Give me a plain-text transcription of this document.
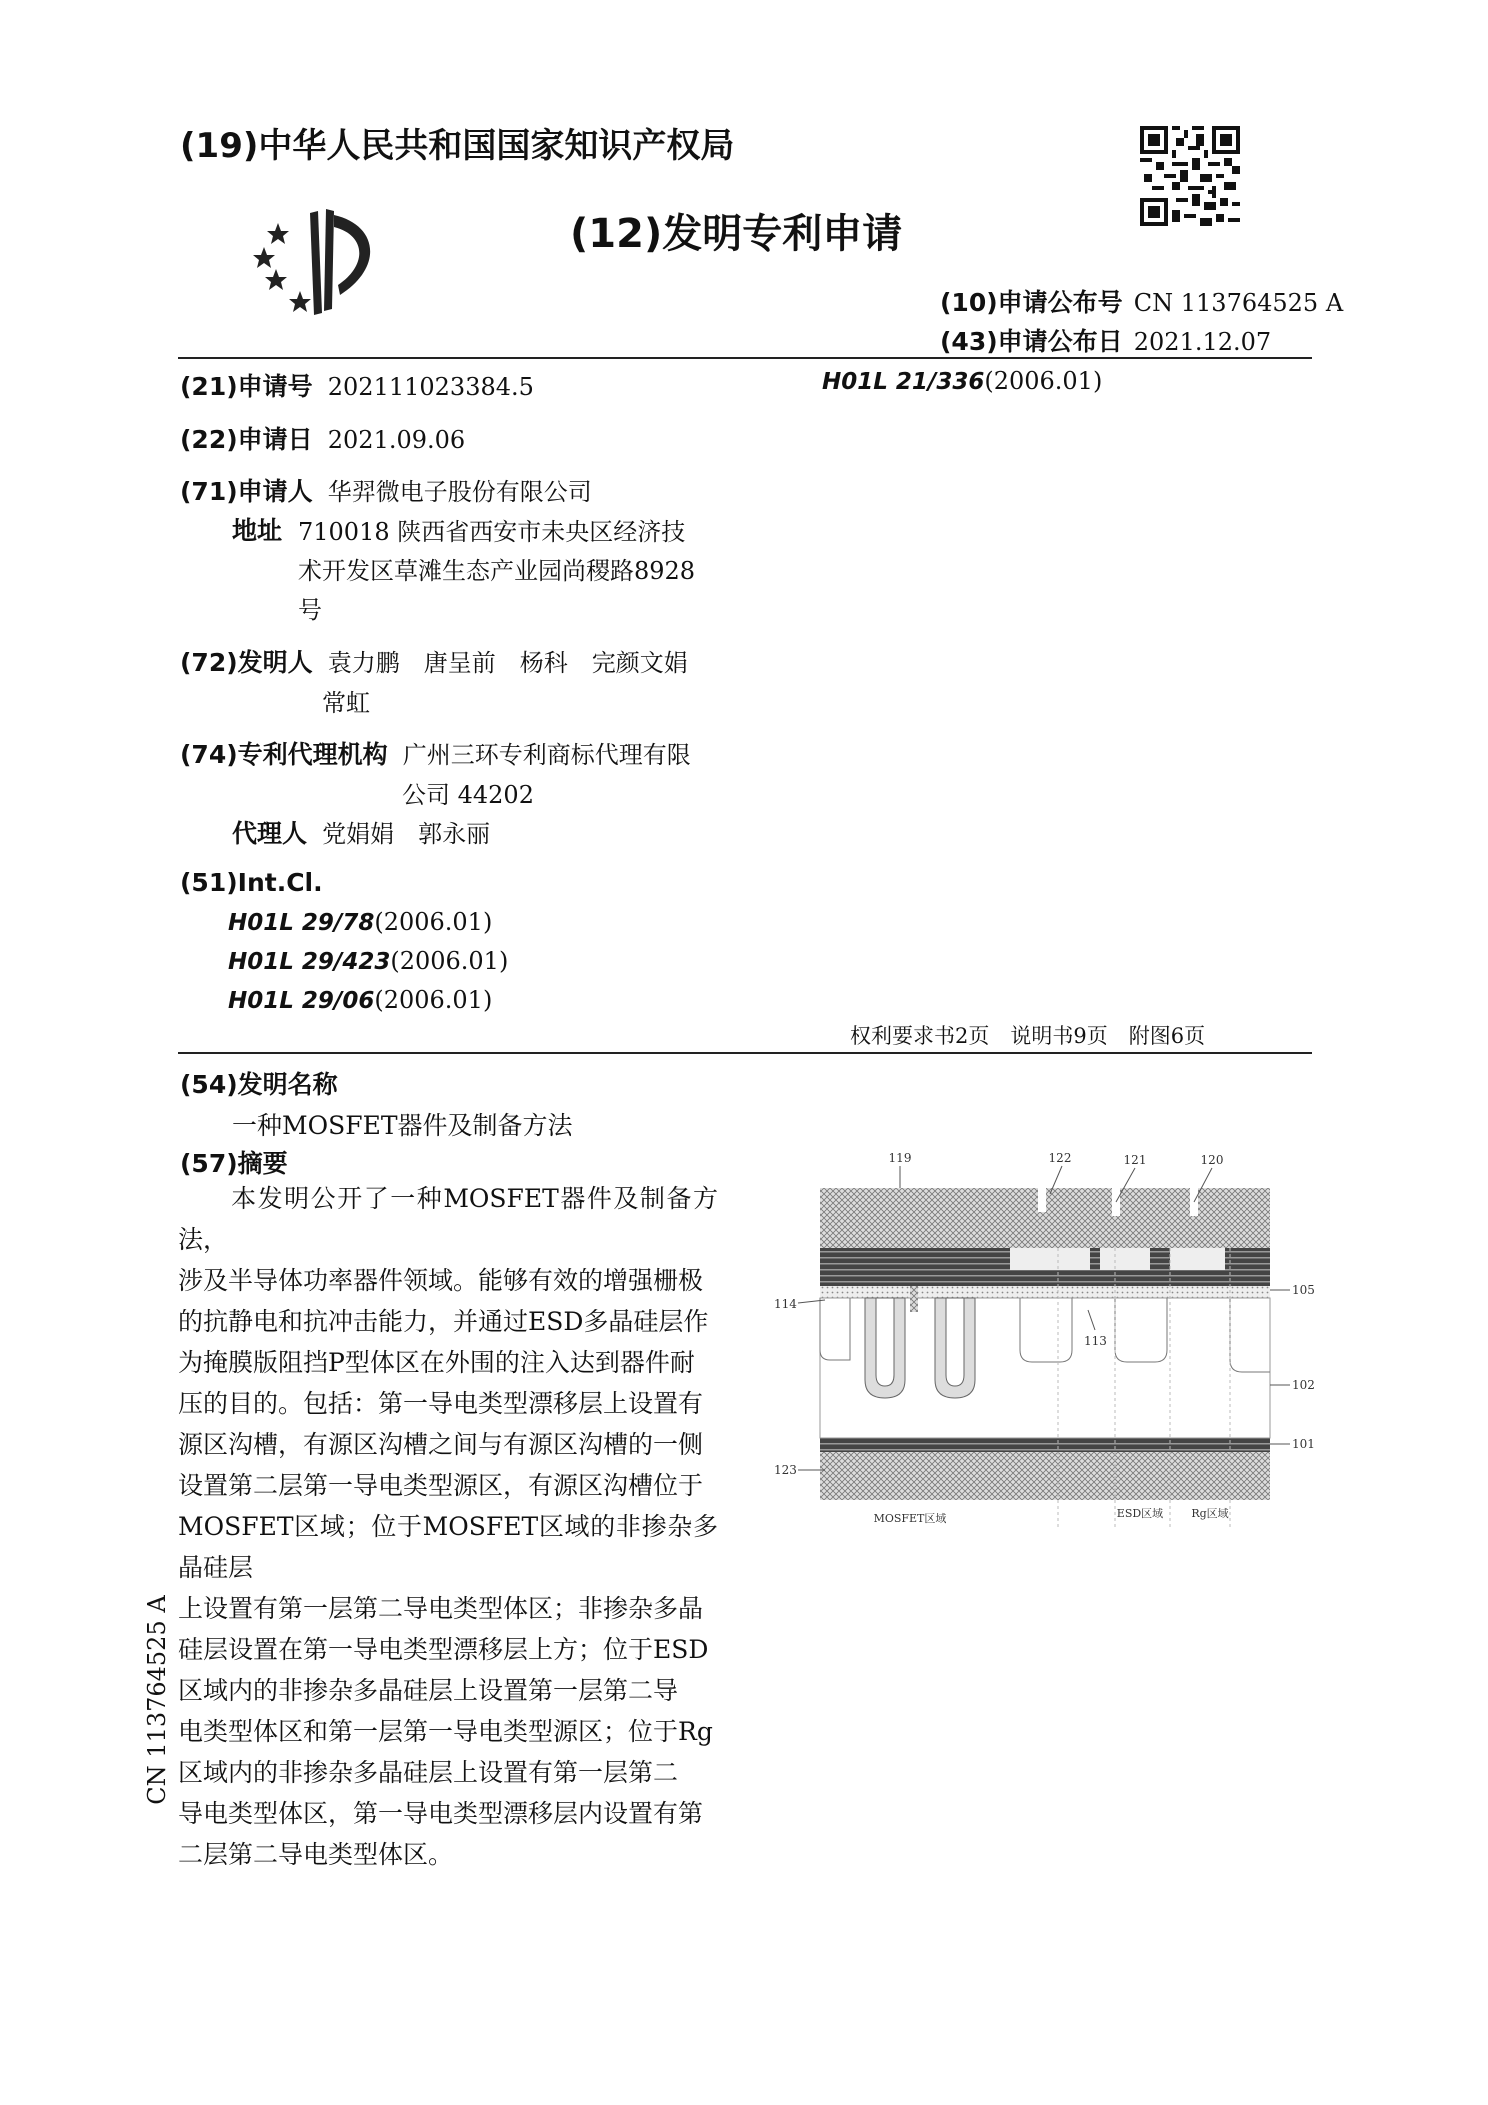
(19)中华人民共和国国家知识产权局
(12)发明专利申请
(10)申请公布号 CN 113764525 A
(43)申请公布日 2021.12.07
(21)申请号 202111023384.5
(22)申请日 2021.09.06
(71)申请人 华羿微电子股份有限公司
地址 710018 陕西省西安市未央区经济技
术开发区草滩生态产业园尚稷路8928
号
(72)发明人 袁力鹏　唐呈前　杨科　完颜文娟
常虹
(74)专利代理机构 广州三环专利商标代理有限
公司 44202
代理人 党娟娟　郭永丽
(51)Int.Cl.
H01L 29/78(2006.01)
H01L 29/423(2006.01)
H01L 29/06(2006.01)
H01L 21/336(2006.01)
权利要求书2页　说明书9页　附图6页
(54)发明名称
一种MOSFET器件及制备方法
(57)摘要

　　本发明公开了一种MOSFET器件及制备方法，

涉及半导体功率器件领域。能够有效的增强栅极

的抗静电和抗冲击能力，并通过ESD多晶硅层作

为掩膜版阻挡P型体区在外围的注入达到器件耐

压的目的。包括：第一导电类型漂移层上设置有

源区沟槽，有源区沟槽之间与有源区沟槽的一侧

设置第二层第一导电类型源区，有源区沟槽位于

MOSFET区域；位于MOSFET区域的非掺杂多晶硅层

上设置有第一层第二导电类型体区；非掺杂多晶

硅层设置在第一导电类型漂移层上方；位于ESD

区域内的非掺杂多晶硅层上设置第一层第二导

电类型体区和第一层第一导电类型源区；位于Rg

区域内的非掺杂多晶硅层上设置有第一层第二

导电类型体区，第一导电类型漂移层内设置有第

二层第二导电类型体区。

CN 113764525 A
119	122	121	120
105
114
113
102
101
123
MOSFET区域	ESD区域	Rg区域
